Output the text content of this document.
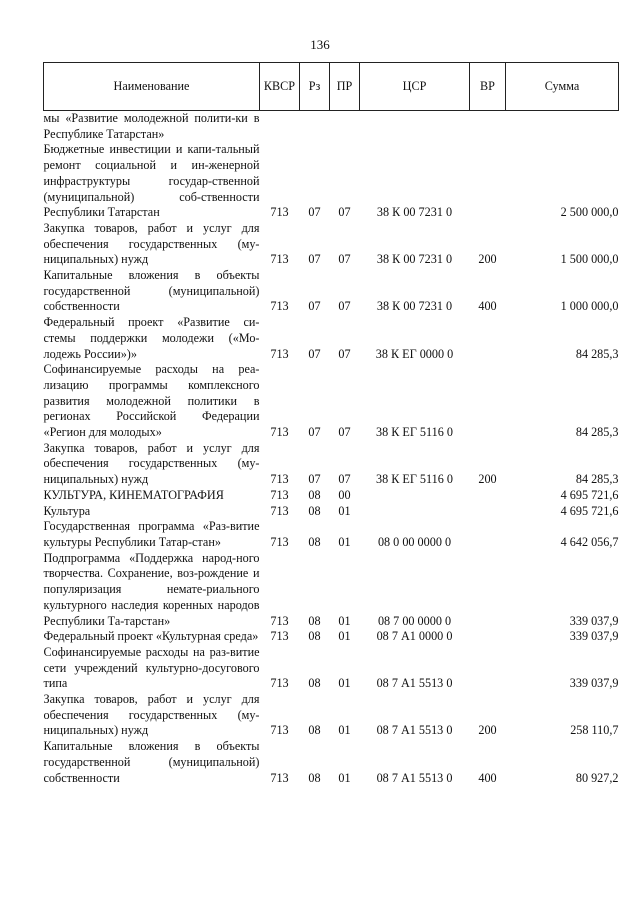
136
Наименование	КВСР	Рз	ПР	ЦСР	ВР	Сумма
мы «Развитие молодежной полити-ки в Республике Татарстан»						
Бюджетные инвестиции и капи-тальный ремонт социальной и ин-женерной инфраструктуры государ-ственной (муниципальной) соб-ственности Республики Татарстан	713	07	07	38 К 00 7231 0		2 500 000,0
Закупка товаров, работ и услуг для обеспечения государственных (му-ниципальных) нужд	713	07	07	38 К 00 7231 0	200	1 500 000,0
Капитальные вложения в объекты государственной (муниципальной) собственности	713	07	07	38 К 00 7231 0	400	1 000 000,0
Федеральный проект «Развитие си-стемы поддержки молодежи («Мо-лодежь России»)»	713	07	07	38 К ЕГ 0000 0		84 285,3
Софинансируемые расходы на реа-лизацию программы комплексного развития молодежной политики в регионах Российской Федерации «Регион для молодых»	713	07	07	38 К ЕГ 5116 0		84 285,3
Закупка товаров, работ и услуг для обеспечения государственных (му-ниципальных) нужд	713	07	07	38 К ЕГ 5116 0	200	84 285,3
КУЛЬТУРА, КИНЕМАТОГРАФИЯ	713	08	00			4 695 721,6
Культура	713	08	01			4 695 721,6
Государственная программа «Раз-витие культуры Республики Татар-стан»	713	08	01	08 0 00 0000 0		4 642 056,7
Подпрограмма «Поддержка народ-ного творчества. Сохранение, воз-рождение и популяризация немате-риального культурного наследия коренных народов Республики Та-тарстан»	713	08	01	08 7 00 0000 0		339 037,9
Федеральный проект «Культурная среда»	713	08	01	08 7 А1 0000 0		339 037,9
Софинансируемые расходы на раз-витие сети учреждений культурно-досугового типа	713	08	01	08 7 А1 5513 0		339 037,9
Закупка товаров, работ и услуг для обеспечения государственных (му-ниципальных) нужд	713	08	01	08 7 А1 5513 0	200	258 110,7
Капитальные вложения в объекты государственной (муниципальной) собственности	713	08	01	08 7 А1 5513 0	400	80 927,2
